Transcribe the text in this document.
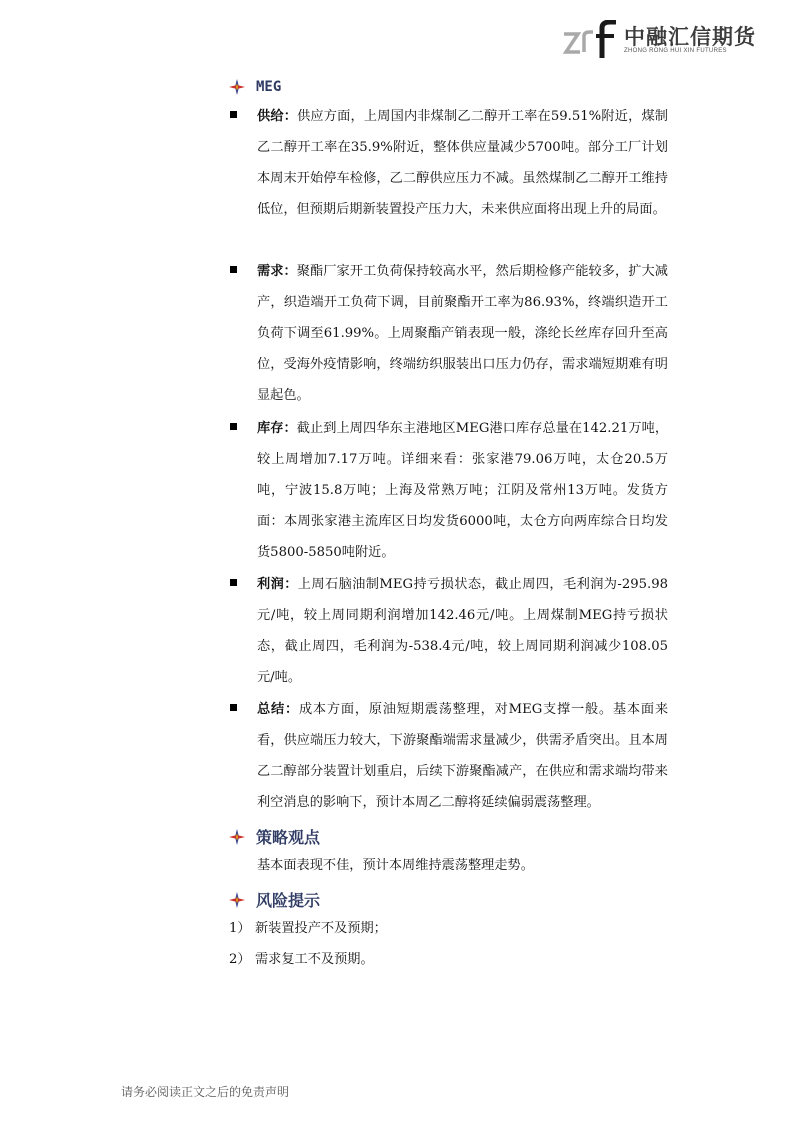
中融汇信期货
ZHONG RONG HUI XIN FUTURES
MEG

供给：供应方面，上周国内非煤制乙二醇开工率在59.51%附近，煤制乙二醇开工率在35.9%附近，整体供应量减少5700吨。部分工厂计划本周末开始停车检修，乙二醇供应压力不减。虽然煤制乙二醇开工维持低位，但预期后期新装置投产压力大，未来供应面将出现上升的局面。

需求：聚酯厂家开工负荷保持较高水平，然后期检修产能较多，扩大减产，织造端开工负荷下调，目前聚酯开工率为86.93%，终端织造开工负荷下调至61.99%。上周聚酯产销表现一般，涤纶长丝库存回升至高位，受海外疫情影响，终端纺织服装出口压力仍存，需求端短期难有明显起色。

库存：截止到上周四华东主港地区MEG港口库存总量在142.21万吨，较上周增加7.17万吨。详细来看：张家港79.06万吨，太仓20.5万吨，宁波15.8万吨；上海及常熟万吨；江阴及常州13万吨。发货方面：本周张家港主流库区日均发货6000吨，太仓方向两库综合日均发货5800-5850吨附近。

利润：上周石脑油制MEG持亏损状态，截止周四，毛利润为-295.98元/吨，较上周同期利润增加142.46元/吨。上周煤制MEG持亏损状态，截止周四，毛利润为-538.4元/吨，较上周同期利润减少108.05元/吨。

总结：成本方面，原油短期震荡整理，对MEG支撑一般。基本面来看，供应端压力较大，下游聚酯端需求量减少，供需矛盾突出。且本周乙二醇部分装置计划重启，后续下游聚酯减产，在供应和需求端均带来利空消息的影响下，预计本周乙二醇将延续偏弱震荡整理。

策略观点
基本面表现不佳，预计本周维持震荡整理走势。
风险提示
1） 新装置投产不及预期；
2） 需求复工不及预期。
请务必阅读正文之后的免责声明
